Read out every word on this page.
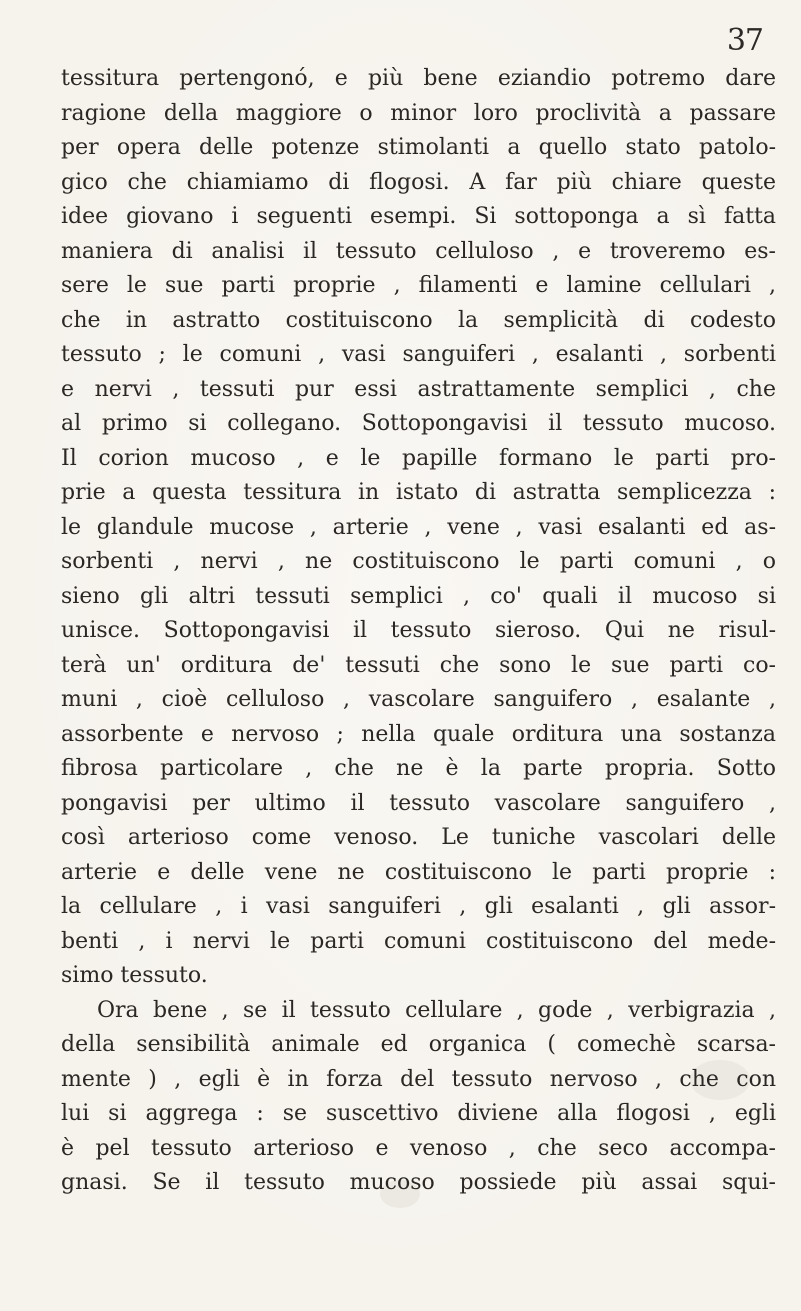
37
tessitura pertengonó, e più bene eziandio potremo dare
ragione della maggiore o minor loro proclività a passare
per opera delle potenze stimolanti a quello stato patolo-
gico che chiamiamo di flogosi. A far più chiare queste
idee giovano i seguenti esempi. Si sottoponga a sì fatta
maniera di analisi il tessuto celluloso , e troveremo es-
sere le sue parti proprie , filamenti e lamine cellulari ,
che in astratto costituiscono la semplicità di codesto
tessuto ; le comuni , vasi sanguiferi , esalanti , sorbenti
e nervi , tessuti pur essi astrattamente semplici , che
al primo si collegano. Sottopongavisi il tessuto mucoso.
Il corion mucoso , e le papille formano le parti pro-
prie a questa tessitura in istato di astratta semplicezza :
le glandule mucose , arterie , vene , vasi esalanti ed as-
sorbenti , nervi , ne costituiscono le parti comuni , o
sieno gli altri tessuti semplici , co' quali il mucoso si
unisce. Sottopongavisi il tessuto sieroso. Qui ne risul-
terà un' orditura de' tessuti che sono le sue parti co-
muni , cioè celluloso , vascolare sanguifero , esalante ,
assorbente e nervoso ; nella quale orditura una sostanza
fibrosa particolare , che ne è la parte propria. Sotto
pongavisi per ultimo il tessuto vascolare sanguifero ,
così arterioso come venoso. Le tuniche vascolari delle
arterie e delle vene ne costituiscono le parti proprie :
la cellulare , i vasi sanguiferi , gli esalanti , gli assor-
benti , i nervi le parti comuni costituiscono del mede-
simo tessuto.
Ora bene , se il tessuto cellulare , gode , verbigrazia ,
della sensibilità animale ed organica ( comechè scarsa-
mente ) , egli è in forza del tessuto nervoso , che con
lui si aggrega : se suscettivo diviene alla flogosi , egli
è pel tessuto arterioso e venoso , che seco accompa-
gnasi. Se il tessuto mucoso possiede più assai squi-
